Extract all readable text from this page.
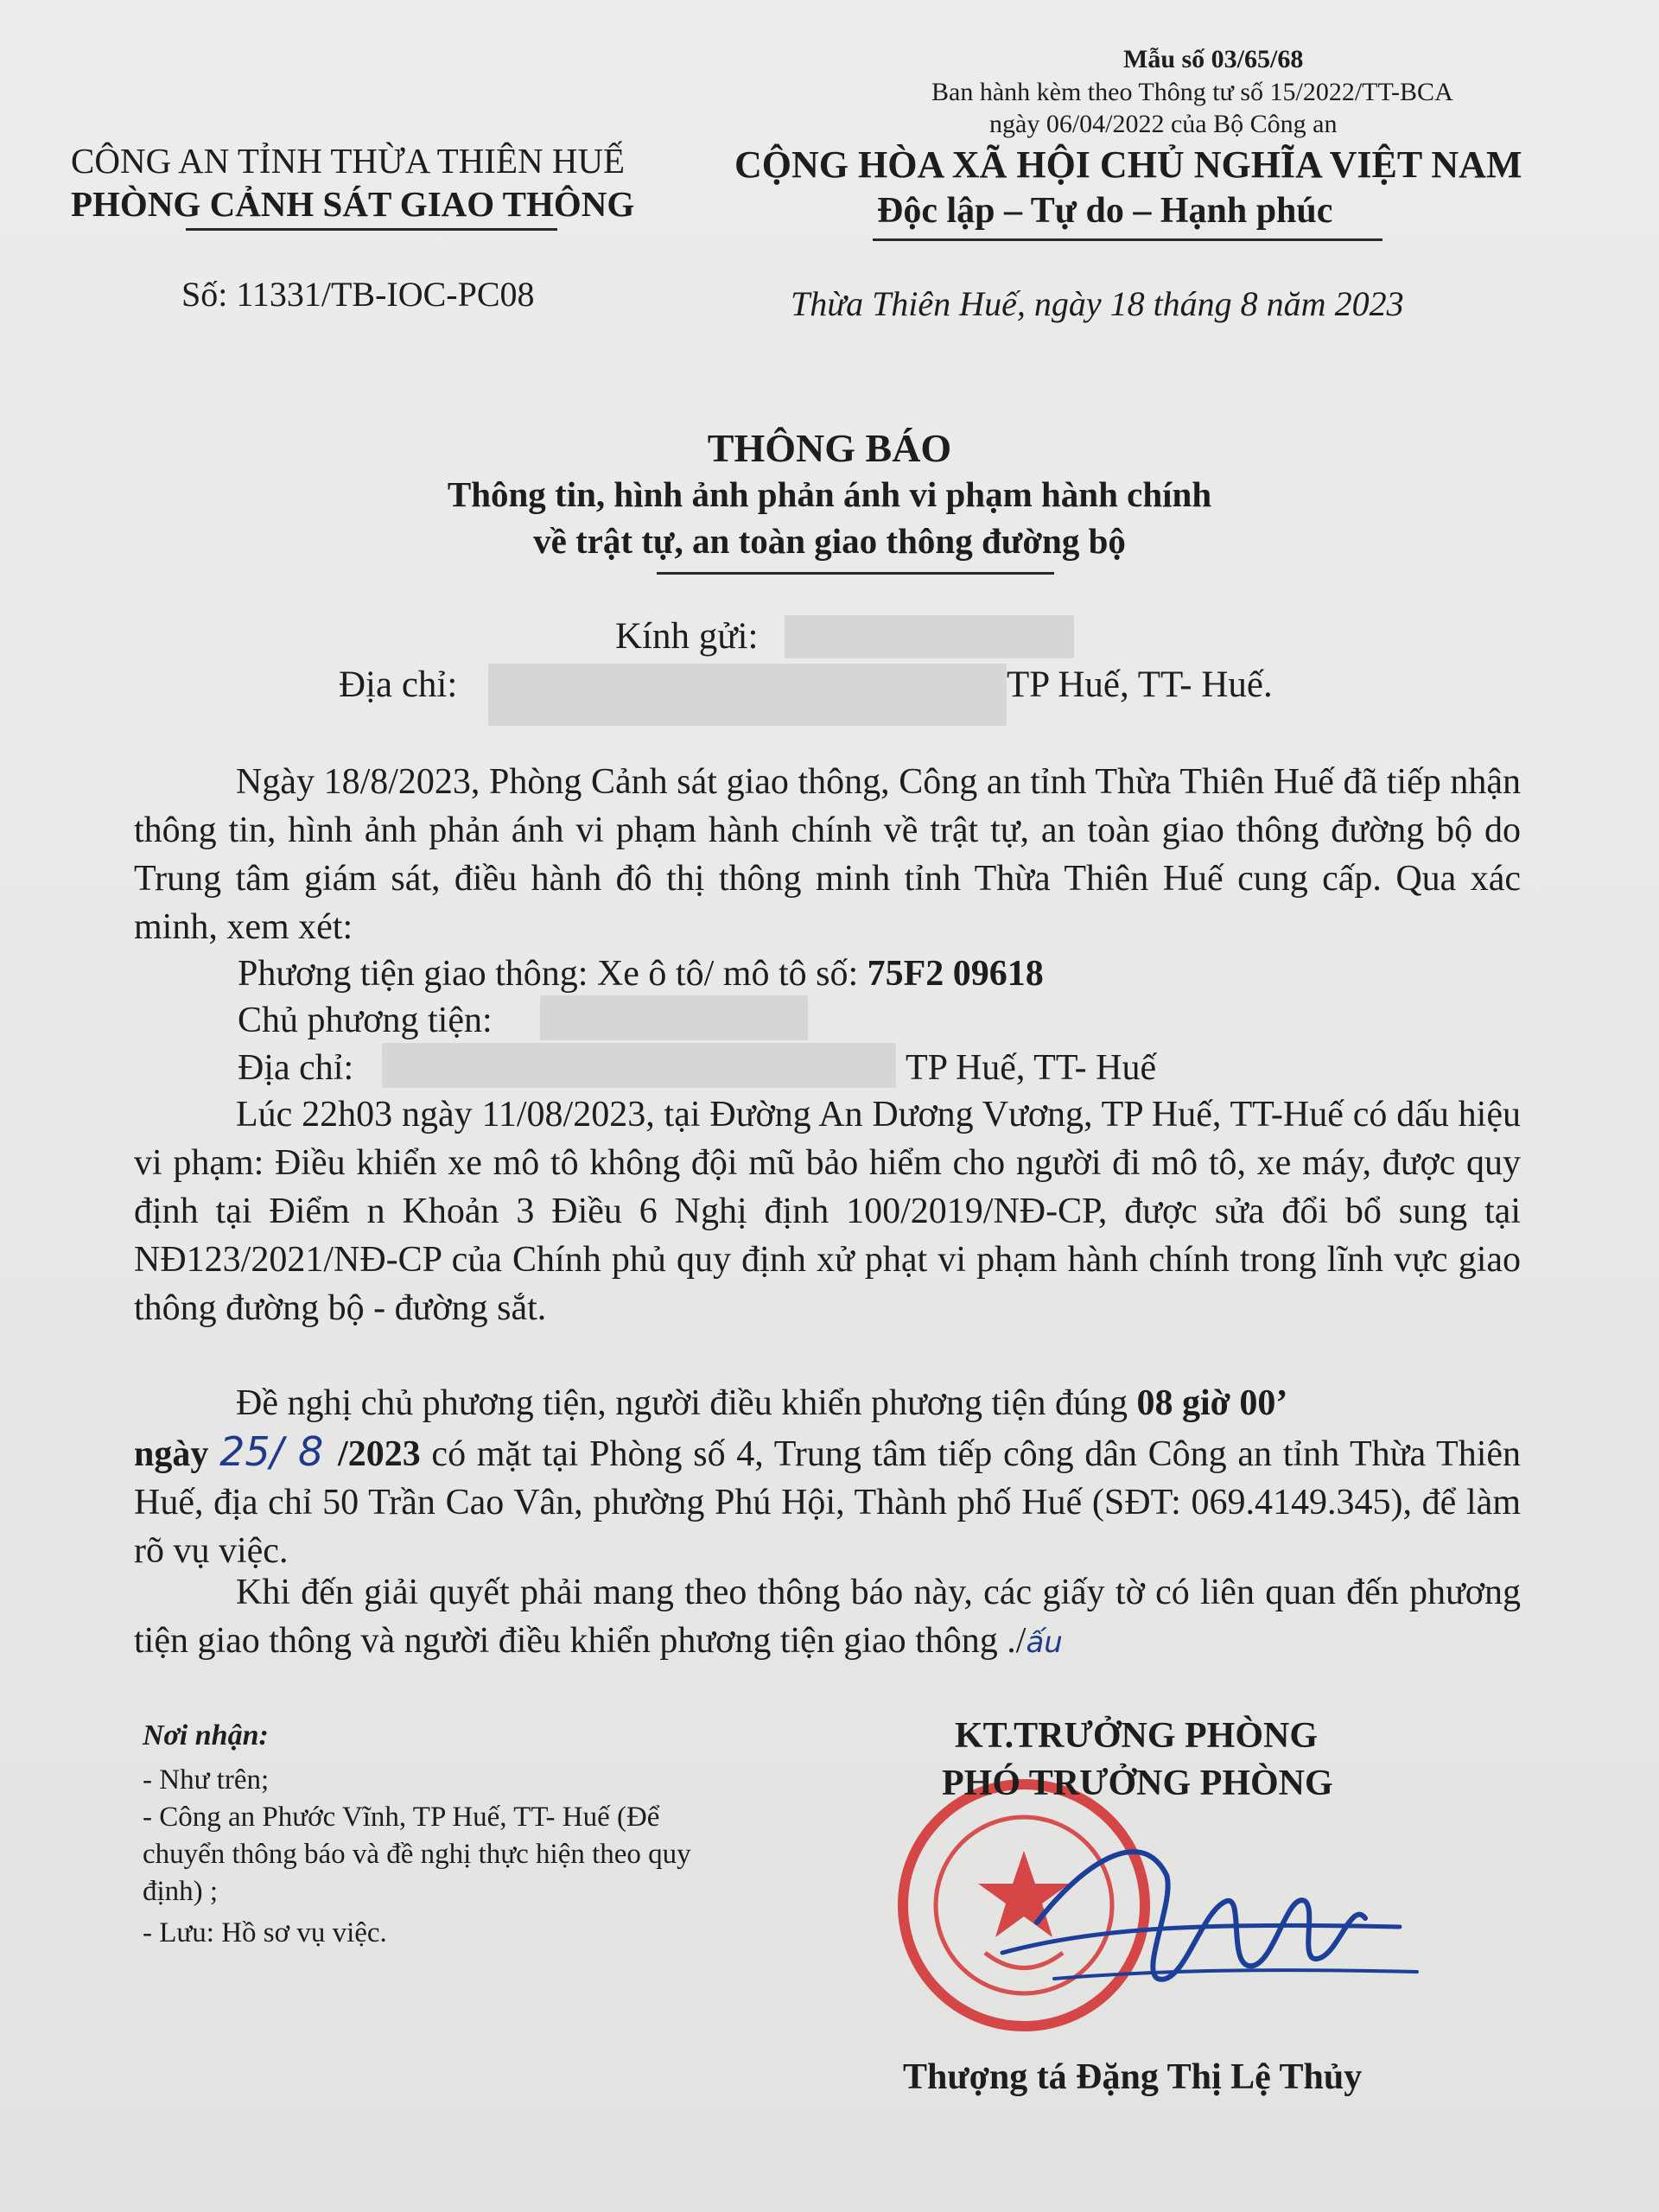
Mẫu số 03/65/68
Ban hành kèm theo Thông tư số 15/2022/TT-BCA
ngày 06/04/2022 của Bộ Công an
CÔNG AN TỈNH THỪA THIÊN HUẾ
PHÒNG CẢNH SÁT GIAO THÔNG
CỘNG HÒA XÃ HỘI CHỦ NGHĨA VIỆT NAM
Độc lập – Tự do – Hạnh phúc
Số: 11331/TB-IOC-PC08	Thừa Thiên Huế, ngày 18 tháng 8 năm 2023
THÔNG BÁO
Thông tin, hình ảnh phản ánh vi phạm hành chính
về trật tự, an toàn giao thông đường bộ
Kính gửi:
Địa chỉ:	TP Huế, TT- Huế.
Ngày 18/8/2023, Phòng Cảnh sát giao thông, Công an tỉnh Thừa Thiên Huế đã tiếp nhận thông tin, hình ảnh phản ánh vi phạm hành chính về trật tự, an toàn giao thông đường bộ do Trung tâm giám sát, điều hành đô thị thông minh tỉnh Thừa Thiên Huế cung cấp. Qua xác minh, xem xét:
Phương tiện giao thông: Xe ô tô/ mô tô số: 75F2 09618
Chủ phương tiện:
Địa chỉ:	TP Huế, TT- Huế
Lúc 22h03 ngày 11/08/2023, tại Đường An Dương Vương, TP Huế, TT-Huế có dấu hiệu vi phạm: Điều khiển xe mô tô không đội mũ bảo hiểm cho người đi mô tô, xe máy, được quy định tại Điểm n Khoản 3 Điều 6 Nghị định 100/2019/NĐ-CP, được sửa đổi bổ sung tại NĐ123/2021/NĐ-CP của Chính phủ quy định xử phạt vi phạm hành chính trong lĩnh vực giao thông đường bộ - đường sắt.
Đề nghị chủ phương tiện, người điều khiển phương tiện đúng 08 giờ 00’
ngày 25/ 8 /2023 có mặt tại Phòng số 4, Trung tâm tiếp công dân Công an tỉnh Thừa Thiên Huế, địa chỉ 50 Trần Cao Vân, phường Phú Hội, Thành phố Huế (SĐT: 069.4149.345), để làm rõ vụ việc.
Khi đến giải quyết phải mang theo thông báo này, các giấy tờ có liên quan đến phương tiện giao thông và người điều khiển phương tiện giao thông ./ấu
Nơi nhận:
- Như trên;
- Công an Phước Vĩnh, TP Huế, TT- Huế (Để
chuyển thông báo và đề nghị thực hiện theo quy
định) ;
- Lưu: Hồ sơ vụ việc.
KT.TRƯỞNG PHÒNG
PHÓ TRƯỞNG PHÒNG
Thượng tá Đặng Thị Lệ Thủy
